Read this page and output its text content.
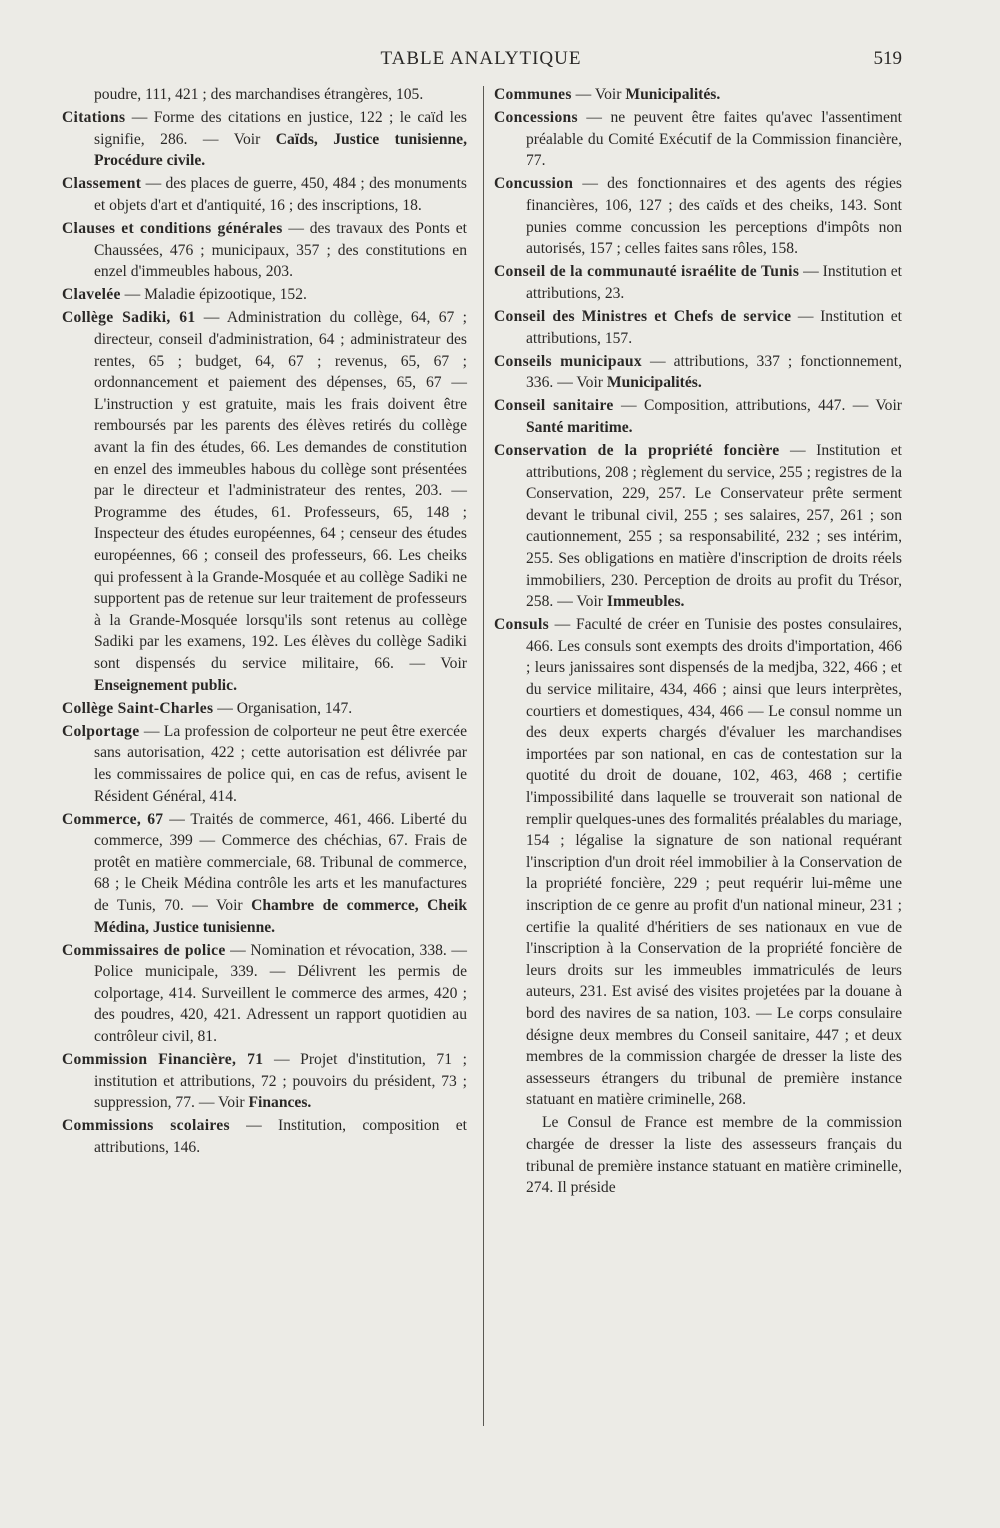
TABLE ANALYTIQUE	519

poudre, 111, 421 ; des marchandises étrangères, 105.

Citations — Forme des citations en justice, 122 ; le caïd les signifie, 286. — Voir Caïds, Justice tunisienne, Procédure civile.

Classement — des places de guerre, 450, 484 ; des monuments et objets d'art et d'antiquité, 16 ; des inscriptions, 18.

Clauses et conditions générales — des travaux des Ponts et Chaussées, 476 ; municipaux, 357 ; des constitutions en enzel d'immeubles habous, 203.

Clavelée — Maladie épizootique, 152.

Collège Sadiki, 61 — Administration du collège, 64, 67 ; directeur, conseil d'administration, 64 ; administrateur des rentes, 65 ; budget, 64, 67 ; revenus, 65, 67 ; ordonnancement et paiement des dépenses, 65, 67 — L'instruction y est gratuite, mais les frais doivent être remboursés par les parents des élèves retirés du collège avant la fin des études, 66. Les demandes de constitution en enzel des immeubles habous du collège sont présentées par le directeur et l'administrateur des rentes, 203. — Programme des études, 61. Professeurs, 65, 148 ; Inspecteur des études européennes, 64 ; censeur des études européennes, 66 ; conseil des professeurs, 66. Les cheiks qui professent à la Grande-Mosquée et au collège Sadiki ne supportent pas de retenue sur leur traitement de professeurs à la Grande-Mosquée lorsqu'ils sont retenus au collège Sadiki par les examens, 192. Les élèves du collège Sadiki sont dispensés du service militaire, 66. — Voir Enseignement public.

Collège Saint-Charles — Organisation, 147.

Colportage — La profession de colporteur ne peut être exercée sans autorisation, 422 ; cette autorisation est délivrée par les commissaires de police qui, en cas de refus, avisent le Résident Général, 414.

Commerce, 67 — Traités de commerce, 461, 466. Liberté du commerce, 399 — Commerce des chéchias, 67. Frais de protêt en matière commerciale, 68. Tribunal de commerce, 68 ; le Cheik Médina contrôle les arts et les manufactures de Tunis, 70. — Voir Chambre de commerce, Cheik Médina, Justice tunisienne.

Commissaires de police — Nomination et révocation, 338. — Police municipale, 339. — Délivrent les permis de colportage, 414. Surveillent le commerce des armes, 420 ; des poudres, 420, 421. Adressent un rapport quotidien au contrôleur civil, 81.

Commission Financière, 71 — Projet d'institution, 71 ; institution et attributions, 72 ; pouvoirs du président, 73 ; suppression, 77. — Voir Finances.

Commissions scolaires — Institution, composition et attributions, 146.

Communes — Voir Municipalités.

Concessions — ne peuvent être faites qu'avec l'assentiment préalable du Comité Exécutif de la Commission financière, 77.

Concussion — des fonctionnaires et des agents des régies financières, 106, 127 ; des caïds et des cheiks, 143. Sont punies comme concussion les perceptions d'impôts non autorisés, 157 ; celles faites sans rôles, 158.

Conseil de la communauté israélite de Tunis — Institution et attributions, 23.

Conseil des Ministres et Chefs de service — Institution et attributions, 157.

Conseils municipaux — attributions, 337 ; fonctionnement, 336. — Voir Municipalités.

Conseil sanitaire — Composition, attributions, 447. — Voir Santé maritime.

Conservation de la propriété foncière — Institution et attributions, 208 ; règlement du service, 255 ; registres de la Conservation, 229, 257. Le Conservateur prête serment devant le tribunal civil, 255 ; ses salaires, 257, 261 ; son cautionnement, 255 ; sa responsabilité, 232 ; ses intérim, 255. Ses obligations en matière d'inscription de droits réels immobiliers, 230. Perception de droits au profit du Trésor, 258. — Voir Immeubles.

Consuls — Faculté de créer en Tunisie des postes consulaires, 466. Les consuls sont exempts des droits d'importation, 466 ; leurs janissaires sont dispensés de la medjba, 322, 466 ; et du service militaire, 434, 466 ; ainsi que leurs interprètes, courtiers et domestiques, 434, 466 — Le consul nomme un des deux experts chargés d'évaluer les marchandises importées par son national, en cas de contestation sur la quotité du droit de douane, 102, 463, 468 ; certifie l'impossibilité dans laquelle se trouverait son national de remplir quelques-unes des formalités préalables du mariage, 154 ; légalise la signature de son national requérant l'inscription d'un droit réel immobilier à la Conservation de la propriété foncière, 229 ; peut requérir lui-même une inscription de ce genre au profit d'un national mineur, 231 ; certifie la qualité d'héritiers de ses nationaux en vue de l'inscription à la Conservation de la propriété foncière de leurs droits sur les immeubles immatriculés de leurs auteurs, 231. Est avisé des visites projetées par la douane à bord des navires de sa nation, 103. — Le corps consulaire désigne deux membres du Conseil sanitaire, 447 ; et deux membres de la commission chargée de dresser la liste des assesseurs étrangers du tribunal de première instance statuant en matière criminelle, 268.

Le Consul de France est membre de la commission chargée de dresser la liste des assesseurs français du tribunal de première instance statuant en matière criminelle, 274. Il préside
